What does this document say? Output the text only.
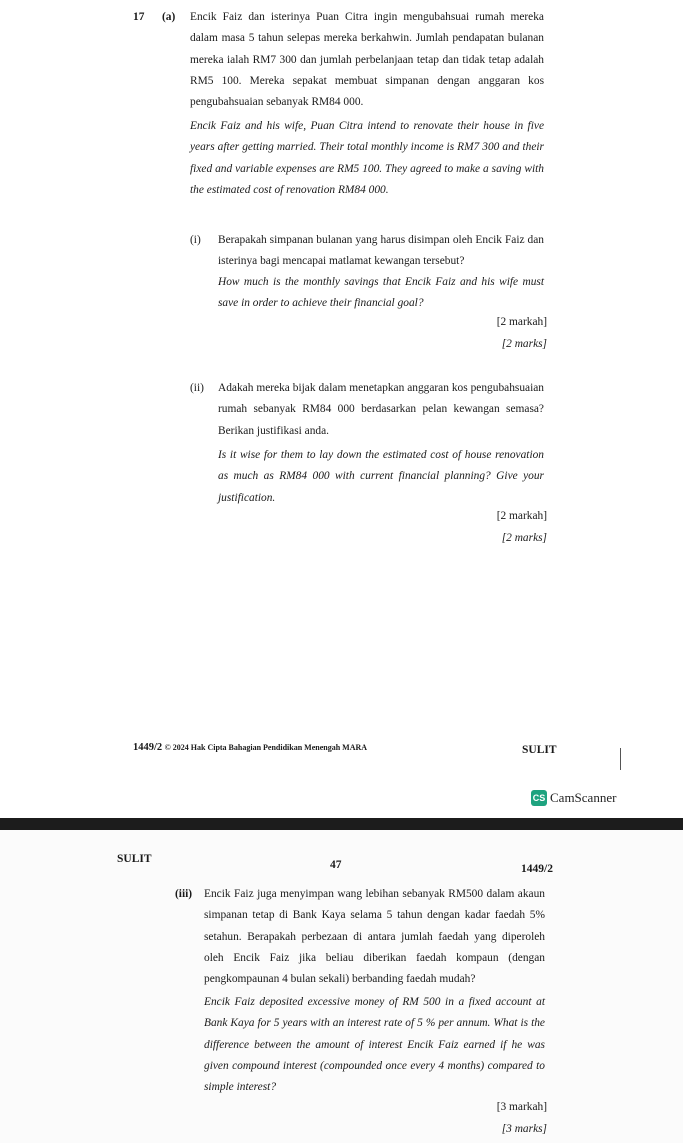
17 (a) Encik Faiz dan isterinya Puan Citra ingin mengubahsuai rumah mereka dalam masa 5 tahun selepas mereka berkahwin. Jumlah pendapatan bulanan mereka ialah RM7 300 dan jumlah perbelanjaan tetap dan tidak tetap adalah RM5 100. Mereka sepakat membuat simpanan dengan anggaran kos pengubahsuaian sebanyak RM84 000.
Encik Faiz and his wife, Puan Citra intend to renovate their house in five years after getting married. Their total monthly income is RM7 300 and their fixed and variable expenses are RM5 100. They agreed to make a saving with the estimated cost of renovation RM84 000.
(i) Berapakah simpanan bulanan yang harus disimpan oleh Encik Faiz dan isterinya bagi mencapai matlamat kewangan tersebut?
How much is the monthly savings that Encik Faiz and his wife must save in order to achieve their financial goal?
[2 markah]
[2 marks]
(ii) Adakah mereka bijak dalam menetapkan anggaran kos pengubahsuaian rumah sebanyak RM84 000 berdasarkan pelan kewangan semasa? Berikan justifikasi anda.
Is it wise for them to lay down the estimated cost of house renovation as much as RM84 000 with current financial planning? Give your justification.
[2 markah]
[2 marks]
1449/2 © 2024 Hak Cipta Bahagian Pendidikan Menengah MARA	SULIT
CS CamScanner
SULIT	47	1449/2
(iii) Encik Faiz juga menyimpan wang lebihan sebanyak RM500 dalam akaun simpanan tetap di Bank Kaya selama 5 tahun dengan kadar faedah 5% setahun. Berapakah perbezaan di antara jumlah faedah yang diperoleh oleh Encik Faiz jika beliau diberikan faedah kompaun (dengan pengkompaunan 4 bulan sekali) berbanding faedah mudah?
Encik Faiz deposited excessive money of RM 500 in a fixed account at Bank Kaya for 5 years with an interest rate of 5 % per annum. What is the difference between the amount of interest Encik Faiz earned if he was given compound interest (compounded once every 4 months) compared to simple interest?
[3 markah]
[3 marks]
